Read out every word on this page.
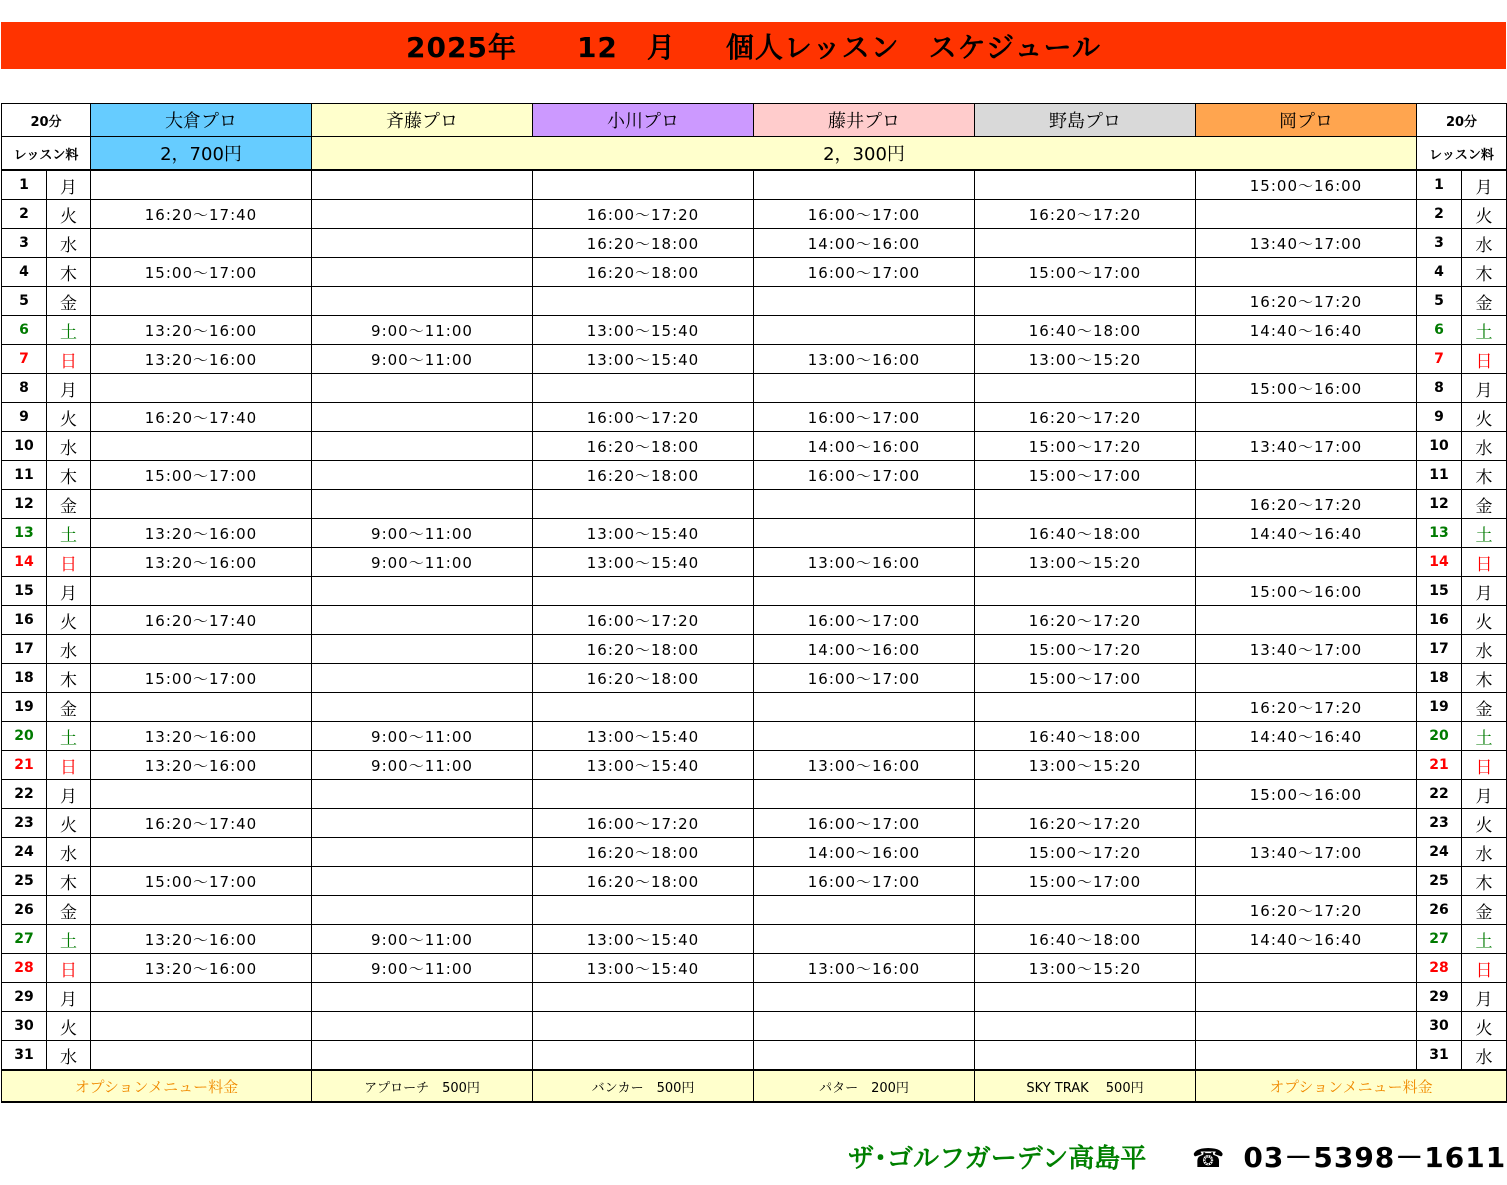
2025年 12　月 個人レッスン　スケジュール
20分		大倉プロ	斉藤プロ	小川プロ	藤井プロ	野島プロ	岡プロ	20分	
レッスン料		2，700円	2，300円					レッスン料	
1	月						15:00～16:00	1	月
2	火	16:20～17:40		16:00～17:20	16:00～17:00	16:20～17:20		2	火
3	水			16:20～18:00	14:00～16:00		13:40～17:00	3	水
4	木	15:00～17:00		16:20～18:00	16:00～17:00	15:00～17:00		4	木
5	金						16:20～17:20	5	金
6	土	13:20～16:00	9:00～11:00	13:00～15:40		16:40～18:00	14:40～16:40	6	土
7	日	13:20～16:00	9:00～11:00	13:00～15:40	13:00～16:00	13:00～15:20		7	日
8	月						15:00～16:00	8	月
9	火	16:20～17:40		16:00～17:20	16:00～17:00	16:20～17:20		9	火
10	水			16:20～18:00	14:00～16:00	15:00～17:20	13:40～17:00	10	水
11	木	15:00～17:00		16:20～18:00	16:00～17:00	15:00～17:00		11	木
12	金						16:20～17:20	12	金
13	土	13:20～16:00	9:00～11:00	13:00～15:40		16:40～18:00	14:40～16:40	13	土
14	日	13:20～16:00	9:00～11:00	13:00～15:40	13:00～16:00	13:00～15:20		14	日
15	月						15:00～16:00	15	月
16	火	16:20～17:40		16:00～17:20	16:00～17:00	16:20～17:20		16	火
17	水			16:20～18:00	14:00～16:00	15:00～17:20	13:40～17:00	17	水
18	木	15:00～17:00		16:20～18:00	16:00～17:00	15:00～17:00		18	木
19	金						16:20～17:20	19	金
20	土	13:20～16:00	9:00～11:00	13:00～15:40		16:40～18:00	14:40～16:40	20	土
21	日	13:20～16:00	9:00～11:00	13:00～15:40	13:00～16:00	13:00～15:20		21	日
22	月						15:00～16:00	22	月
23	火	16:20～17:40		16:00～17:20	16:00～17:00	16:20～17:20		23	火
24	水			16:20～18:00	14:00～16:00	15:00～17:20	13:40～17:00	24	水
25	木	15:00～17:00		16:20～18:00	16:00～17:00	15:00～17:00		25	木
26	金						16:20～17:20	26	金
27	土	13:20～16:00	9:00～11:00	13:00～15:40		16:40～18:00	14:40～16:40	27	土
28	日	13:20～16:00	9:00～11:00	13:00～15:40	13:00～16:00	13:00～15:20		28	日
29	月							29	月
30	火							30	火
31	水							31	水
オプションメニュー料金			アプローチ　500円	バンカー　500円	パター　200円	SKY TRAK　 500円	オプションメニュー料金		
ザ･ゴルフガーデン高島平 ☎ 03－5398－1611
